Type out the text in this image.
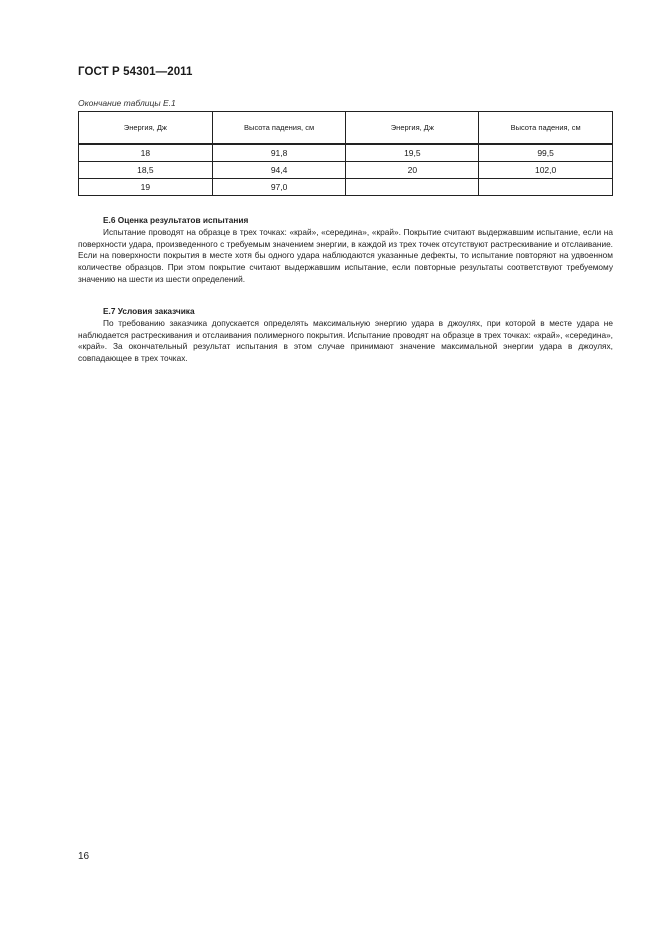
ГОСТ Р 54301—2011
Окончание таблицы Е.1
Энергия, Дж	Высота падения, см	Энергия, Дж	Высота падения, см
18	91,8	19,5	99,5
18,5	94,4	20	102,0
19	97,0		
Е.6 Оценка результатов испытания

Испытание проводят на образце в трех точках: «край», «середина», «край». Покрытие считают выдержавшим испытание, если на поверхности удара, произведенного с требуемым значением энергии, в каждой из трех точек отсутствуют растрескивание и отслаивание. Если на поверхности покрытия в месте хотя бы одного удара наблюдаются указанные дефекты, то испытание повторяют на удвоенном количестве образцов. При этом покрытие считают выдержавшим испытание, если повторные результаты соответствуют требуемому значению на шести из шести определений.

Е.7 Условия заказчика

По требованию заказчика допускается определять максимальную энергию удара в джоулях, при которой в месте удара не наблюдается растрескивания и отслаивания полимерного покрытия. Испытание проводят на образце в трех точках: «край», «середина», «край». За окончательный результат испытания в этом случае принимают значение максимальной энергии удара в джоулях, совпадающее в трех точках.

16
